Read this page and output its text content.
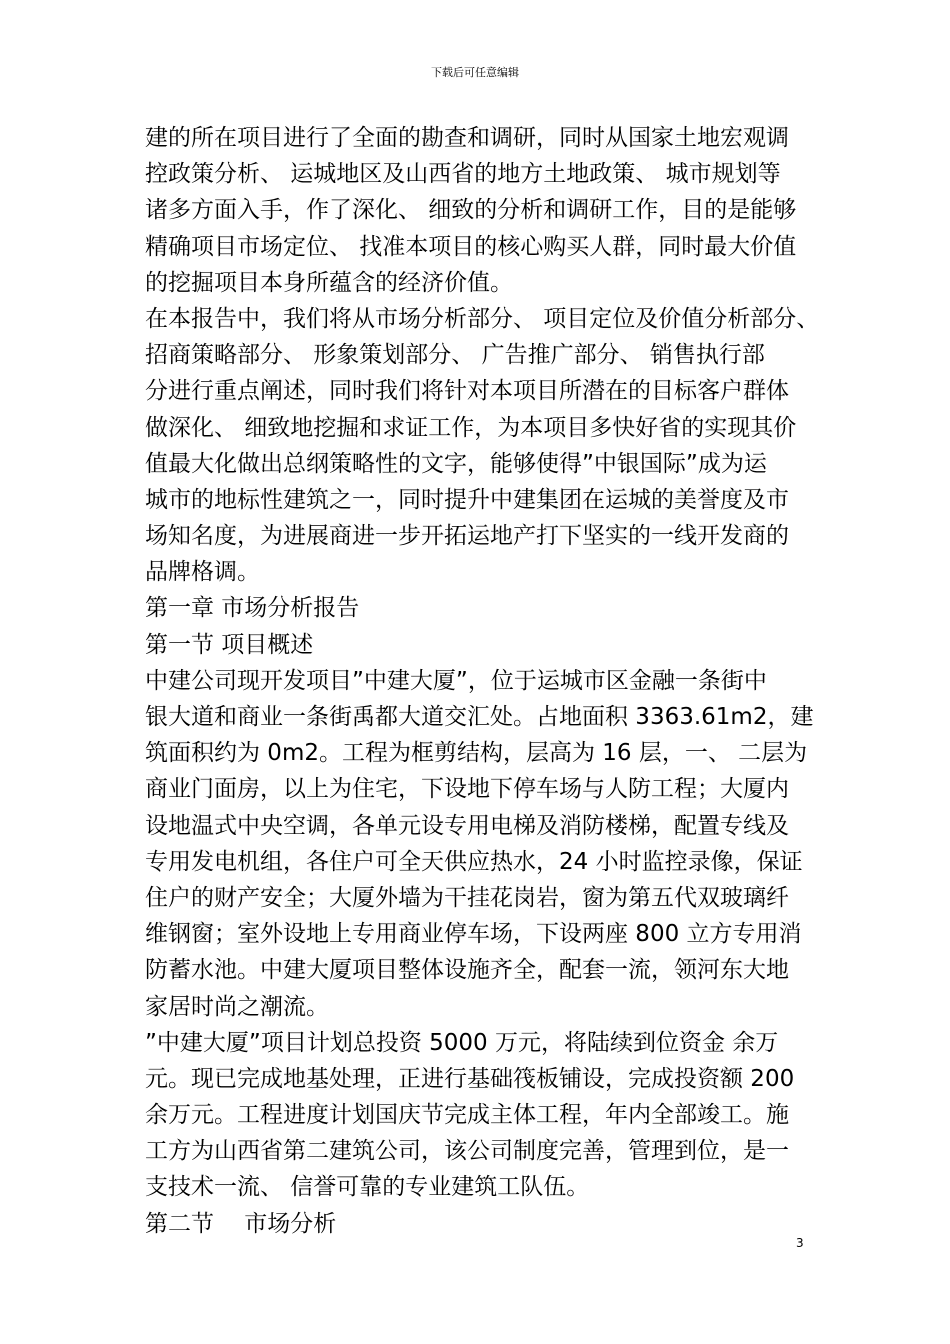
下载后可任意编辑
建的所在项目进行了全面的勘查和调研，同时从国家土地宏观调
控政策分析、 运城地区及山西省的地方土地政策、 城市规划等
诸多方面入手，作了深化、 细致的分析和调研工作，目的是能够
精确项目市场定位、 找准本项目的核心购买人群，同时最大价值
的挖掘项目本身所蕴含的经济价值。
在本报告中，我们将从市场分析部分、 项目定位及价值分析部分、
招商策略部分、 形象策划部分、 广告推广部分、 销售执行部
分进行重点阐述，同时我们将针对本项目所潜在的目标客户群体
做深化、 细致地挖掘和求证工作，为本项目多快好省的实现其价
值最大化做出总纲策略性的文字，能够使得”中银国际”成为运
城市的地标性建筑之一，同时提升中建集团在运城的美誉度及市
场知名度，为进展商进一步开拓运地产打下坚实的一线开发商的
品牌格调。
第一章 市场分析报告
第一节 项目概述
中建公司现开发项目”中建大厦”，位于运城市区金融一条街中
银大道和商业一条街禹都大道交汇处。占地面积 3363.61m2，建
筑面积约为 0m2。工程为框剪结构，层高为 16 层，一、 二层为
商业门面房，以上为住宅，下设地下停车场与人防工程；大厦内
设地温式中央空调，各单元设专用电梯及消防楼梯，配置专线及
专用发电机组，各住户可全天供应热水，24 小时监控录像，保证
住户的财产安全；大厦外墙为干挂花岗岩，窗为第五代双玻璃纤
维钢窗；室外设地上专用商业停车场，下设两座 800 立方专用消
防蓄水池。中建大厦项目整体设施齐全，配套一流，领河东大地
家居时尚之潮流。
”中建大厦”项目计划总投资 5000 万元，将陆续到位资金 余万
元。现已完成地基处理，正进行基础筏板铺设，完成投资额 200
余万元。工程进度计划国庆节完成主体工程，年内全部竣工。施
工方为山西省第二建筑公司，该公司制度完善，管理到位，是一
支技术一流、 信誉可靠的专业建筑工队伍。
第二节　 市场分析
3
